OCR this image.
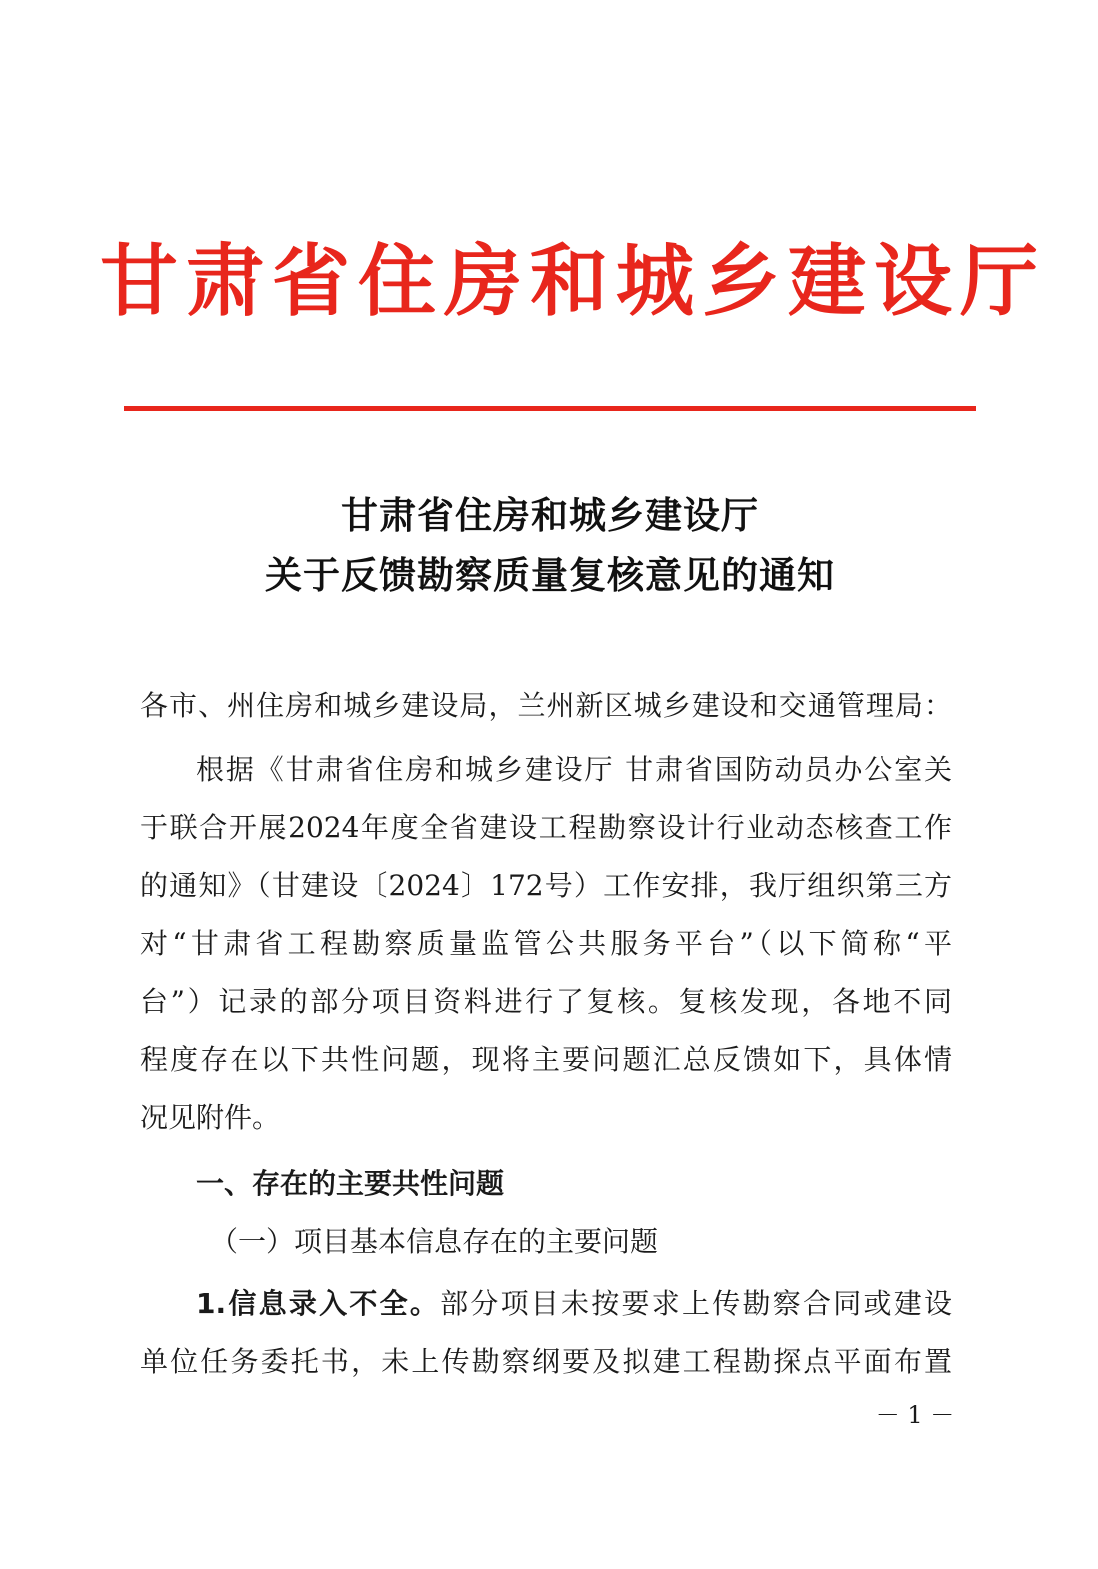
甘肃省住房和城乡建设厅
甘肃省住房和城乡建设厅
关于反馈勘察质量复核意见的通知
各市、州住房和城乡建设局，兰州新区城乡建设和交通管理局：
根据《甘肃省住房和城乡建设厅 甘肃省国防动员办公室关
于联合开展2024年度全省建设工程勘察设计行业动态核查工作
的通知》（甘建设〔2024〕172号）工作安排，我厅组织第三方
对“甘肃省工程勘察质量监管公共服务平台”（以下简称“平
台”）记录的部分项目资料进行了复核。复核发现，各地不同
程度存在以下共性问题，现将主要问题汇总反馈如下，具体情
况见附件。
一、存在的主要共性问题
（一）项目基本信息存在的主要问题
1.信息录入不全。部分项目未按要求上传勘察合同或建设
单位任务委托书，未上传勘察纲要及拟建工程勘探点平面布置
－ 1 －
